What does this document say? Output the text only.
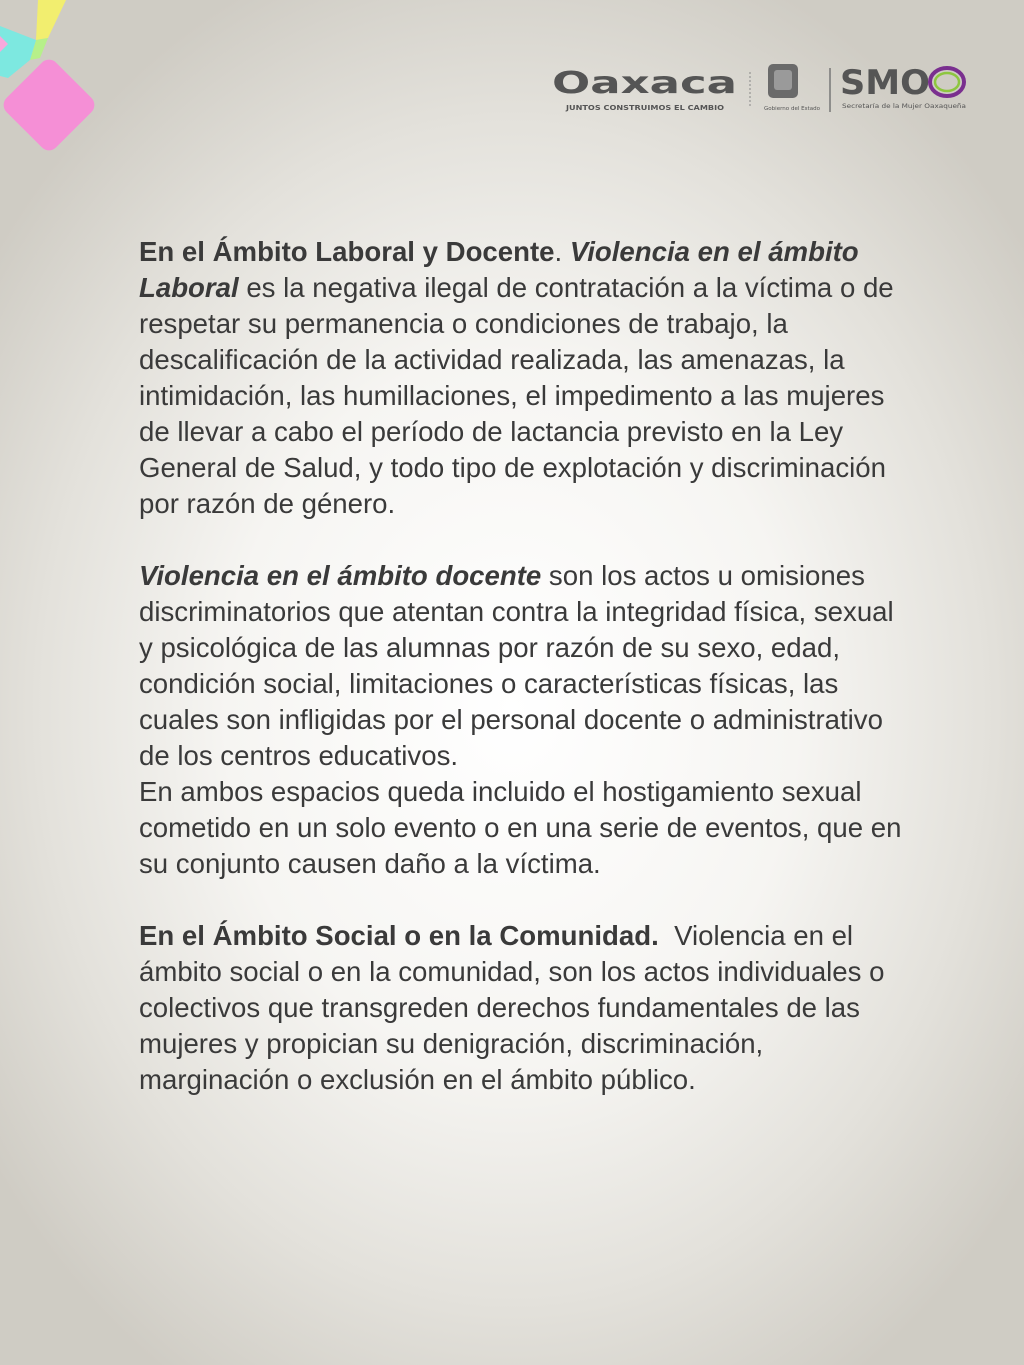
Oaxaca
JUNTOS CONSTRUIMOS EL CAMBIO	Gobierno del Estado
SMO
Secretaría de la Mujer Oaxaqueña

En el Ámbito Laboral y Docente. Violencia en el ámbito Laboral es la negativa ilegal de contratación a la víctima o de respetar su permanencia o condiciones de trabajo, la descalificación de la actividad realizada, las amenazas, la intimidación, las humillaciones, el impedimento a las mujeres de llevar a cabo el período de lactancia previsto en la Ley General de Salud, y todo tipo de explotación y discriminación por razón de género.

Violencia en el ámbito docente son los actos u omisiones discriminatorios que atentan contra la integridad física, sexual y psicológica de las alumnas por razón de su sexo, edad, condición social, limitaciones o características físicas, las cuales son infligidas por el personal docente o administrativo de los centros educativos.

En ambos espacios queda incluido el hostigamiento sexual cometido en un solo evento o en una serie de eventos, que en su conjunto causen daño a la víctima.

En el Ámbito Social o en la Comunidad.  Violencia en el ámbito social o en la comunidad, son los actos individuales o colectivos que transgreden derechos fundamentales de las mujeres y propician su denigración, discriminación, marginación o exclusión en el ámbito público.
